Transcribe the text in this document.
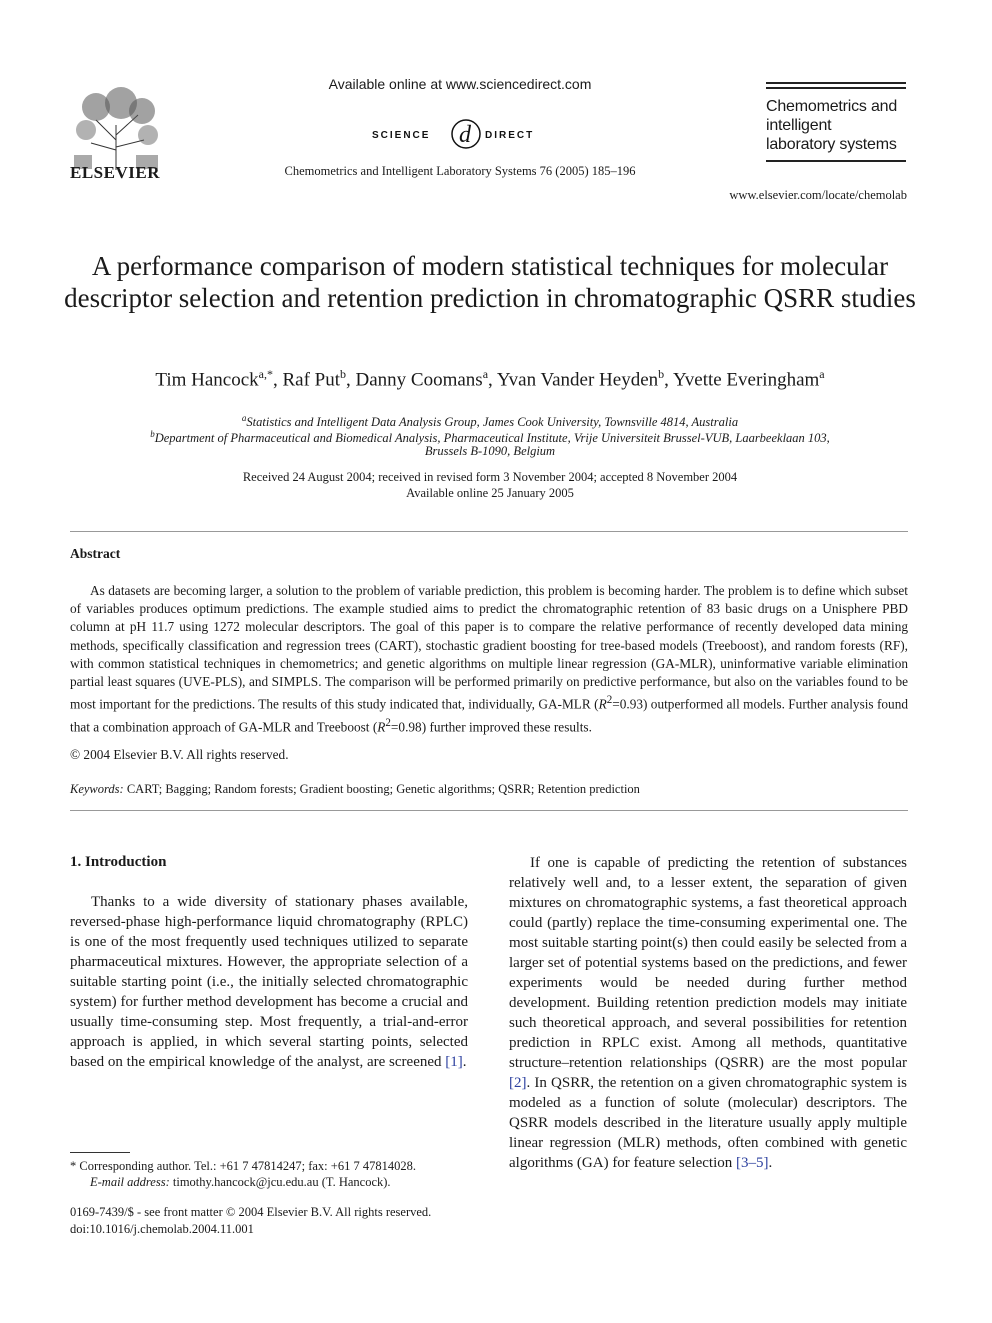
ELSEVIER
Available online at www.sciencedirect.com
SCIENCE d DIRECT
Chemometrics and Intelligent Laboratory Systems 76 (2005) 185–196
Chemometrics and
intelligent
laboratory systems
www.elsevier.com/locate/chemolab
A performance comparison of modern statistical techniques for molecular descriptor selection and retention prediction in chromatographic QSRR studies
Tim Hancock$^{a,*}$, Raf Put$^b$, Danny Coomans$^a$, Yvan Vander Heyden$^b$, Yvette Everingham$^a$
$^a$Statistics and Intelligent Data Analysis Group, James Cook University, Townsville 4814, Australia
$^b$Department of Pharmaceutical and Biomedical Analysis, Pharmaceutical Institute, Vrije Universiteit Brussel-VUB, Laarbeeklaan 103,
Brussels B-1090, Belgium
Received 24 August 2004; received in revised form 3 November 2004; accepted 8 November 2004
Available online 25 January 2005
Abstract

As datasets are becoming larger, a solution to the problem of variable prediction, this problem is becoming harder. The problem is to define which subset of variables produces optimum predictions. The example studied aims to predict the chromatographic retention of 83 basic drugs on a Unisphere PBD column at pH 11.7 using 1272 molecular descriptors. The goal of this paper is to compare the relative performance of recently developed data mining methods, specifically classification and regression trees (CART), stochastic gradient boosting for tree-based models (Treeboost), and random forests (RF), with common statistical techniques in chemometrics; and genetic algorithms on multiple linear regression (GA-MLR), uninformative variable elimination partial least squares (UVE-PLS), and SIMPLS. The comparison will be performed primarily on predictive performance, but also on the variables found to be most important for the predictions. The results of this study indicated that, individually, GA-MLR $(R^2=0.93)$ outperformed all models. Further analysis found that a combination approach of GA-MLR and Treeboost $(R^2=0.98)$ further improved these results.

© 2004 Elsevier B.V. All rights reserved.
Keywords: CART; Bagging; Random forests; Gradient boosting; Genetic algorithms; QSRR; Retention prediction
1. Introduction

Thanks to a wide diversity of stationary phases available, reversed-phase high-performance liquid chromatography (RPLC) is one of the most frequently used techniques utilized to separate pharmaceutical mixtures. However, the appropriate selection of a suitable starting point (i.e., the initially selected chromatographic system) for further method development has become a crucial and usually time-consuming step. Most frequently, a trial-and-error approach is applied, in which several starting points, selected based on the empirical knowledge of the analyst, are screened [1].

If one is capable of predicting the retention of substances relatively well and, to a lesser extent, the separation of given mixtures on chromatographic systems, a fast theoretical approach could (partly) replace the time-consuming experimental one. The most suitable starting point(s) then could easily be selected from a larger set of potential systems based on the predictions, and fewer experiments would be needed during further method development. Building retention prediction models may initiate such theoretical approach, and several possibilities for retention prediction in RPLC exist. Among all methods, quantitative structure–retention relationships (QSRR) are the most popular [2]. In QSRR, the retention on a given chromatographic system is modeled as a function of solute (molecular) descriptors. The QSRR models described in the literature usually apply multiple linear regression (MLR) methods, often combined with genetic algorithms (GA) for feature selection [3–5].

* Corresponding author. Tel.: +61 7 47814247; fax: +61 7 47814028.
E-mail address: timothy.hancock@jcu.edu.au (T. Hancock).
0169-7439/$ - see front matter © 2004 Elsevier B.V. All rights reserved.
doi:10.1016/j.chemolab.2004.11.001
